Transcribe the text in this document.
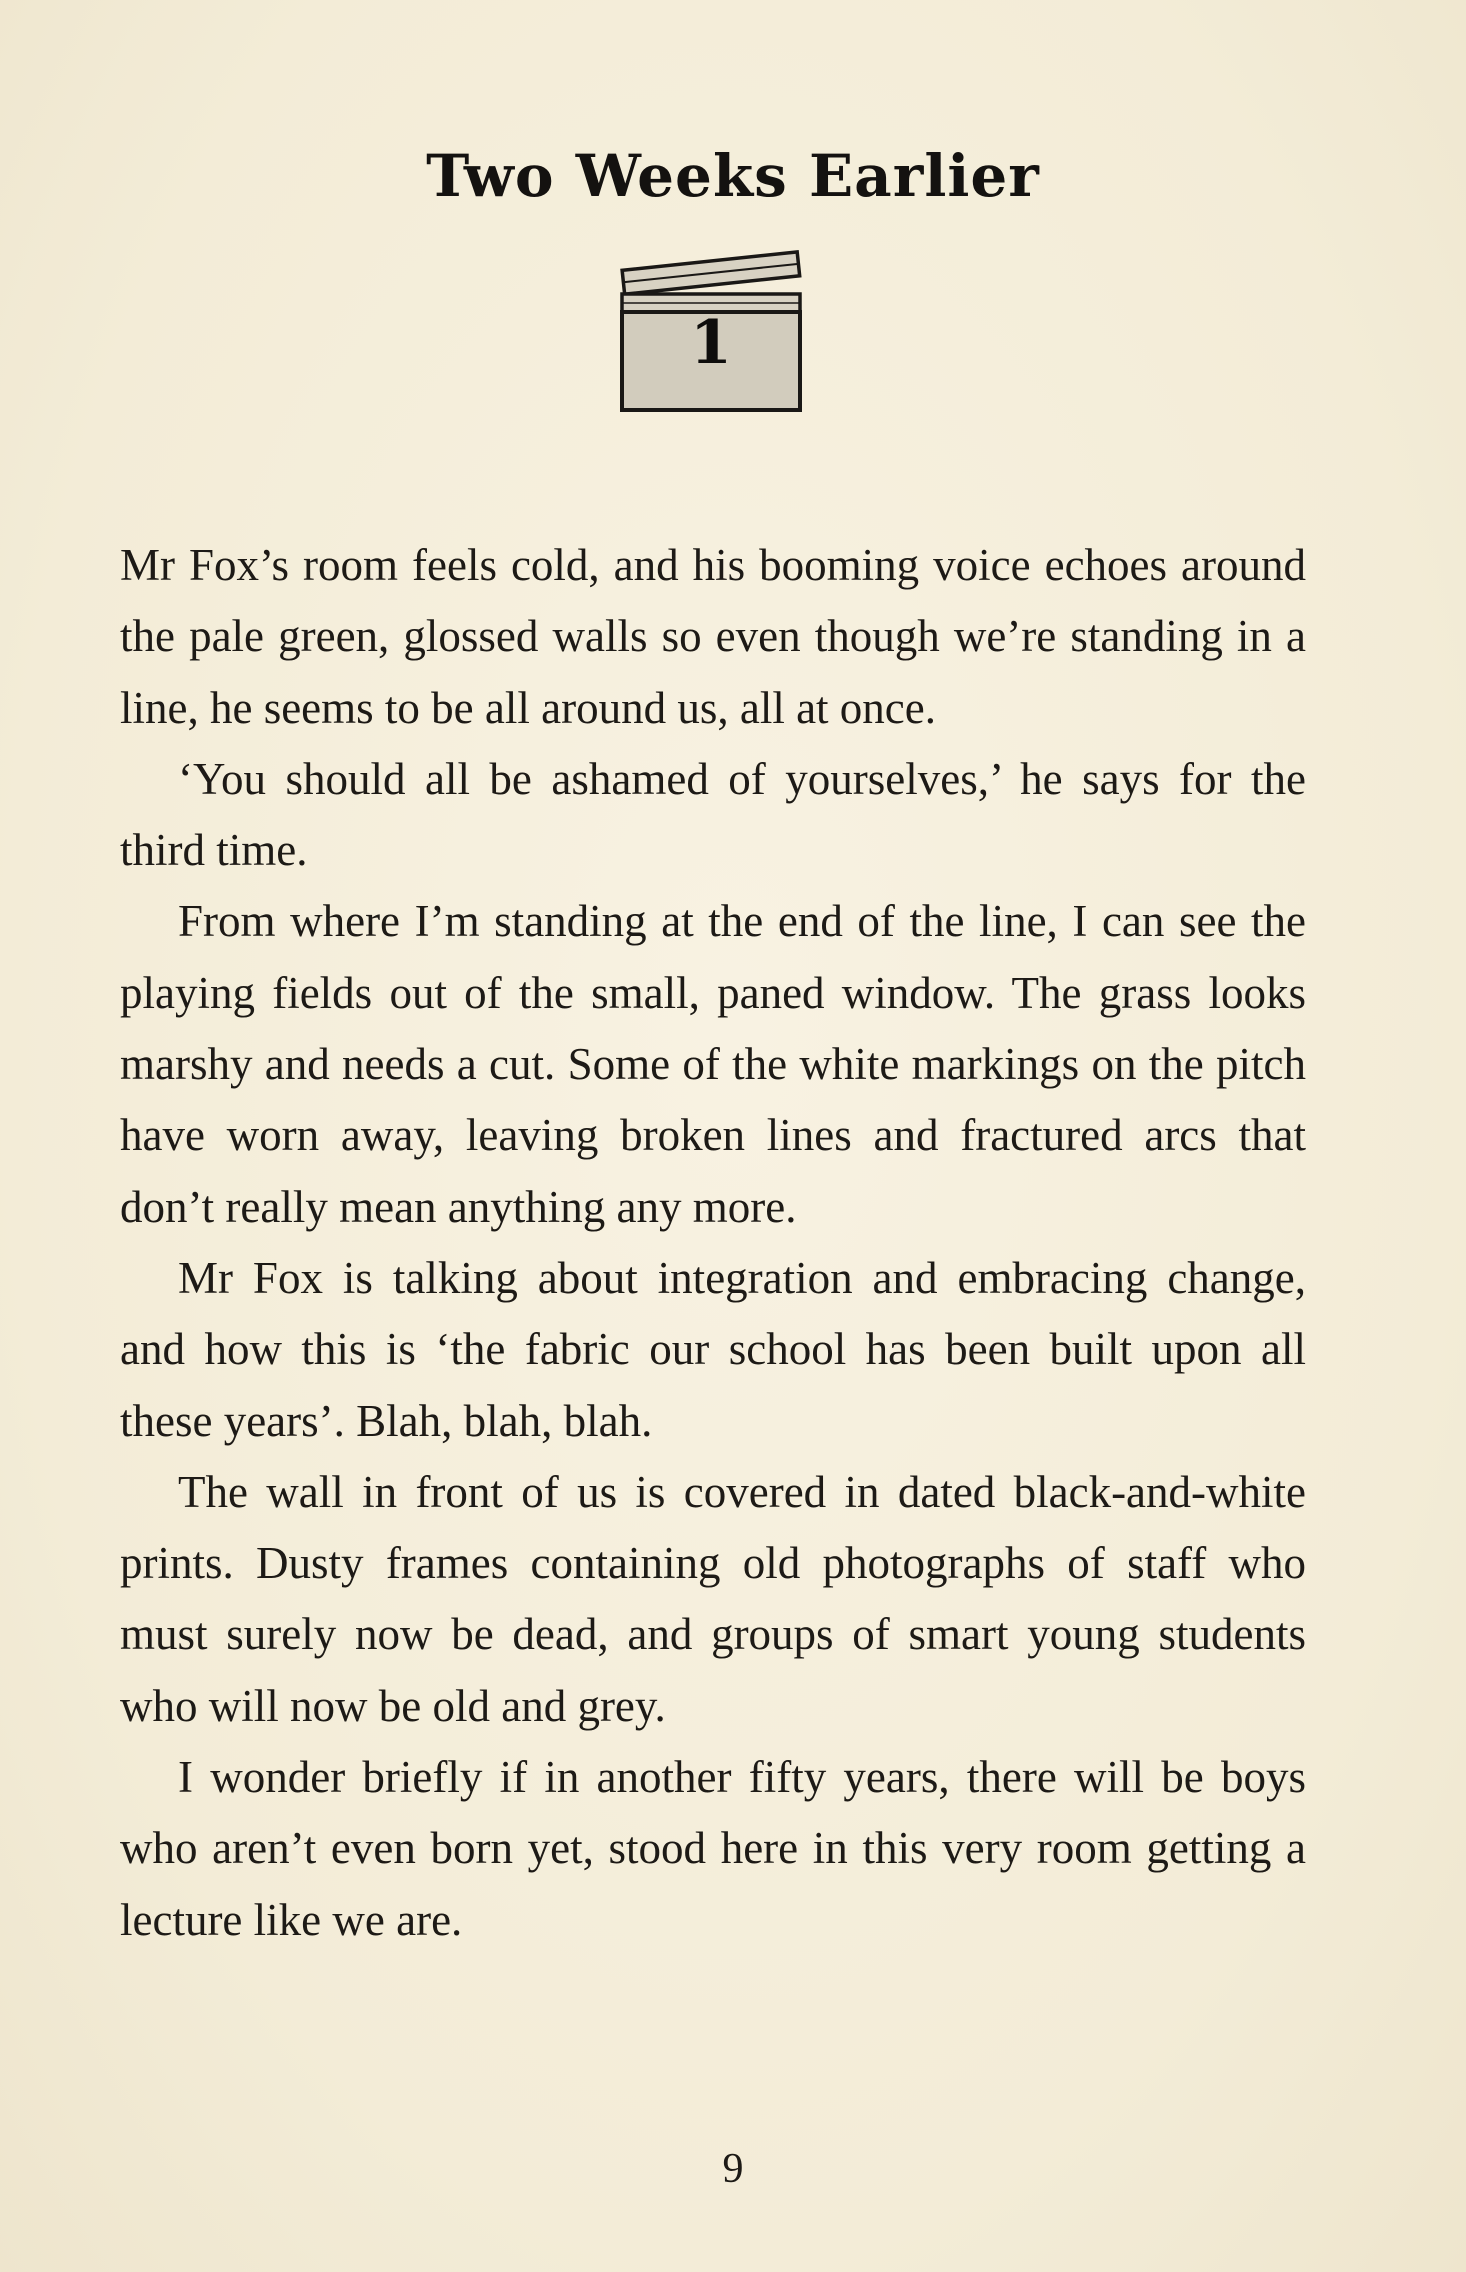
Two Weeks Earlier
1

Mr Fox’s room feels cold, and his booming voice echoes around the pale green, glossed walls so even though we’re standing in a line, he seems to be all around us, all at once.

‘You should all be ashamed of yourselves,’ he says for the third time.

From where I’m standing at the end of the line, I can see the playing fields out of the small, paned window. The grass looks marshy and needs a cut. Some of the white markings on the pitch have worn away, leaving broken lines and fractured arcs that don’t really mean anything any more.

Mr Fox is talking about integration and embracing change, and how this is ‘the fabric our school has been built upon all these years’. Blah, blah, blah.

The wall in front of us is covered in dated black-and-white prints. Dusty frames containing old photographs of staff who must surely now be dead, and groups of smart young students who will now be old and grey.

I wonder briefly if in another fifty years, there will be boys who aren’t even born yet, stood here in this very room getting a lecture like we are.

9
